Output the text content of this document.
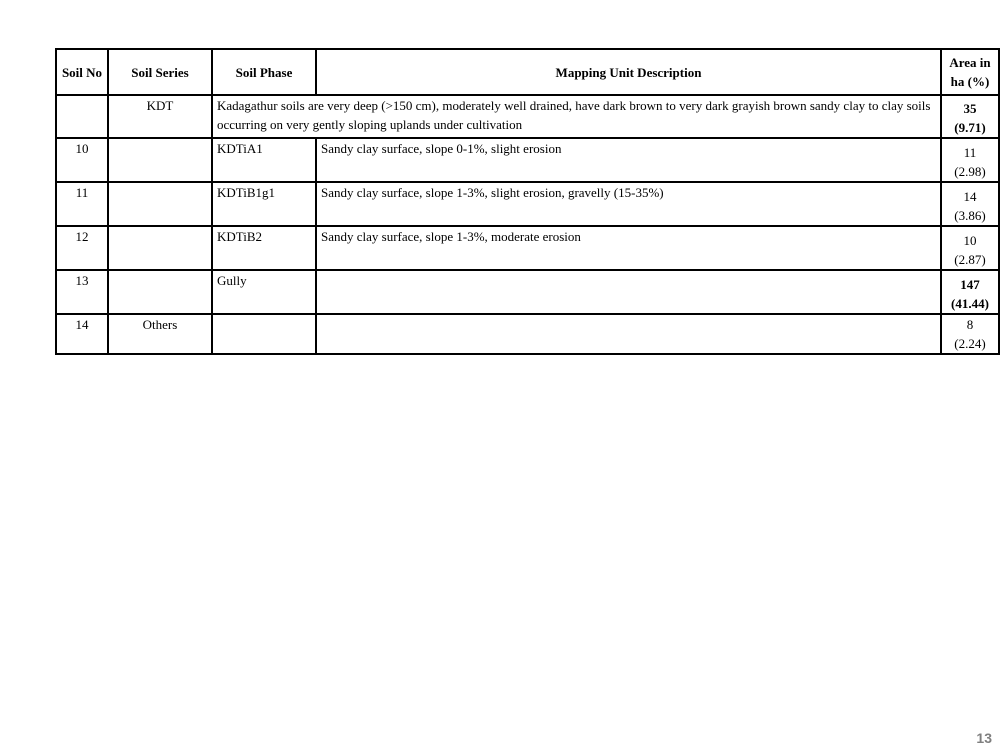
Soil No	Soil Series	Soil Phase	Mapping Unit Description	Area in
ha (%)
	KDT	Kadagathur soils are very deep (>150 cm), moderately well drained, have dark brown to very dark grayish brown sandy clay to clay soils occurring on very gently sloping uplands under cultivation		35
(9.71)
10		KDTiA1	Sandy clay surface, slope 0-1%, slight erosion	11
(2.98)
11		KDTiB1g1	Sandy clay surface, slope 1-3%, slight erosion, gravelly (15-35%)	14
(3.86)
12		KDTiB2	Sandy clay surface, slope 1-3%, moderate erosion	10
(2.87)
13		Gully		147
(41.44)
14	Others			8
(2.24)
13
